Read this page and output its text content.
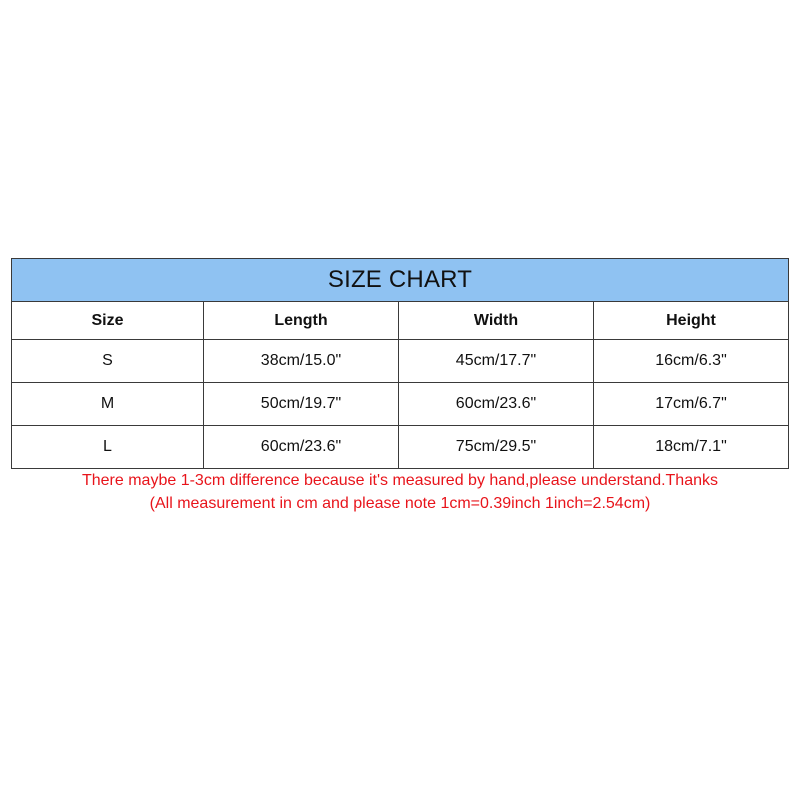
SIZE CHART			
Size	Length	Width	Height
S	38cm/15.0"	45cm/17.7"	16cm/6.3"
M	50cm/19.7"	60cm/23.6"	17cm/6.7"
L	60cm/23.6"	75cm/29.5"	18cm/7.1"
There maybe 1-3cm difference because it's measured by hand,please understand.Thanks
(All measurement in cm and please note 1cm=0.39inch 1inch=2.54cm)
